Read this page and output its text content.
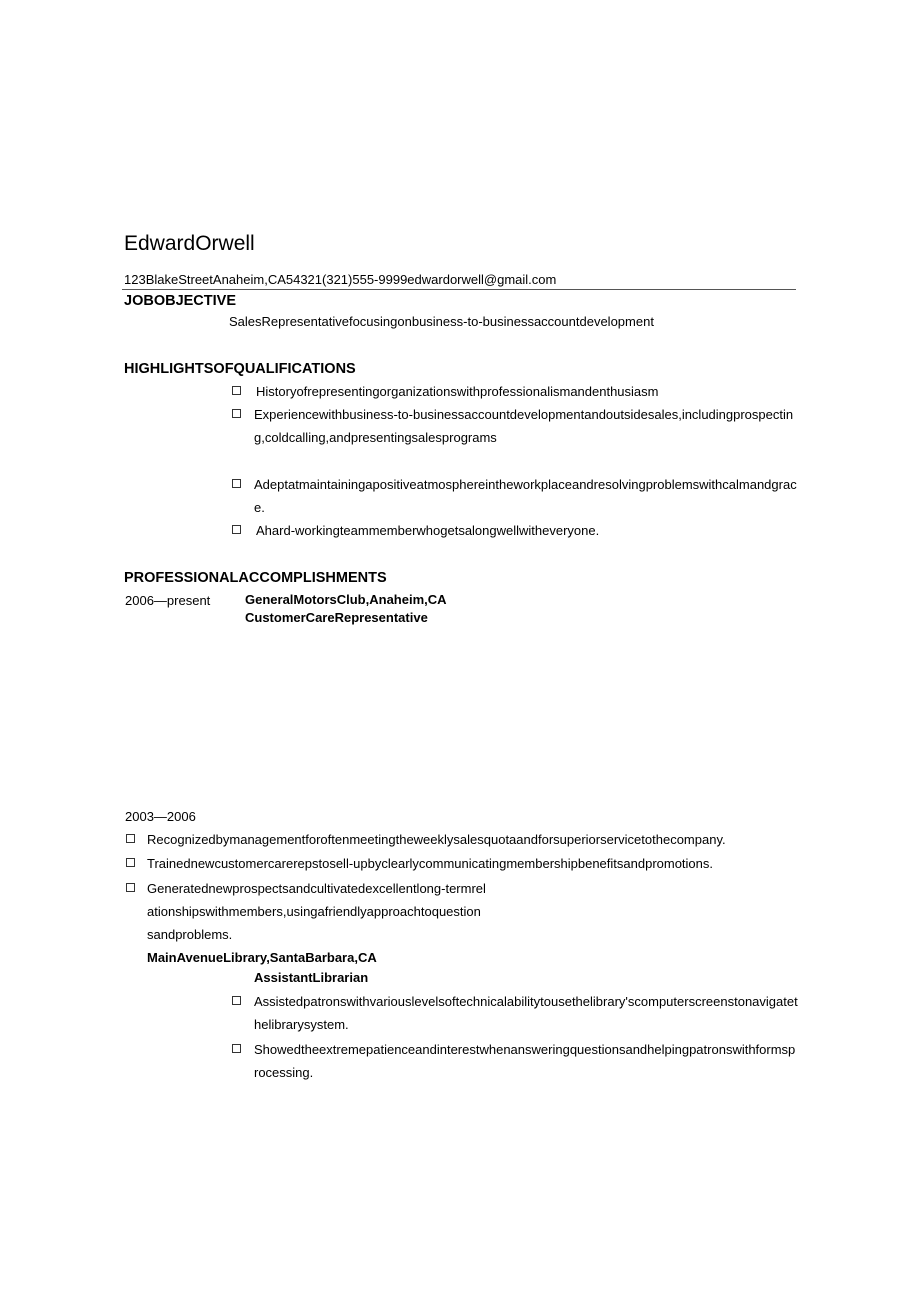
EdwardOrwell
123BlakeStreetAnaheim,CA54321(321)555-9999edwardorwell@gmail.com
JOBOBJECTIVE
SalesRepresentativefocusingonbusiness-to-businessaccountdevelopment
HIGHLIGHTSOFQUALIFICATIONS
Historyofrepresentingorganizationswithprofessionalismandenthusiasm
Experiencewithbusiness-to-businessaccountdevelopmentandoutsidesales,includingprospecting,coldcalling,andpresentingsalesprograms
Adeptatmaintainingapositiveatmosphereintheworkplaceandresolvingproblemswithcalmandgrace.
Ahard-workingteammemberwhogetsalongwellwitheveryone.
PROFESSIONALACCOMPLISHMENTS
2006—present	GeneralMotorsClub,Anaheim,CA
CustomerCareRepresentative
2003—2006
Recognizedbymanagementforoftenmeetingtheweeklysalesquotaandforsuperiorservicetothecompany.
Trainednewcustomercarerepstosell-upbyclearlycommunicatingmembershipbenefitsandpromotions.
Generatednewprospectsandcultivatedexcellentlong-termrelationshipswithmembers,usingafriendlyapproachtoquestionsandproblems.
MainAvenueLibrary,SantaBarbara,CA
AssistantLibrarian
Assistedpatronswithvariouslevelsoftechnicalabilitytousethelibrary'scomputerscreenstonavigatethelibrarysystem.
Showedtheextremepatienceandinterestwhenansweringquestionsandhelpingpatronswithformsprocessing.
